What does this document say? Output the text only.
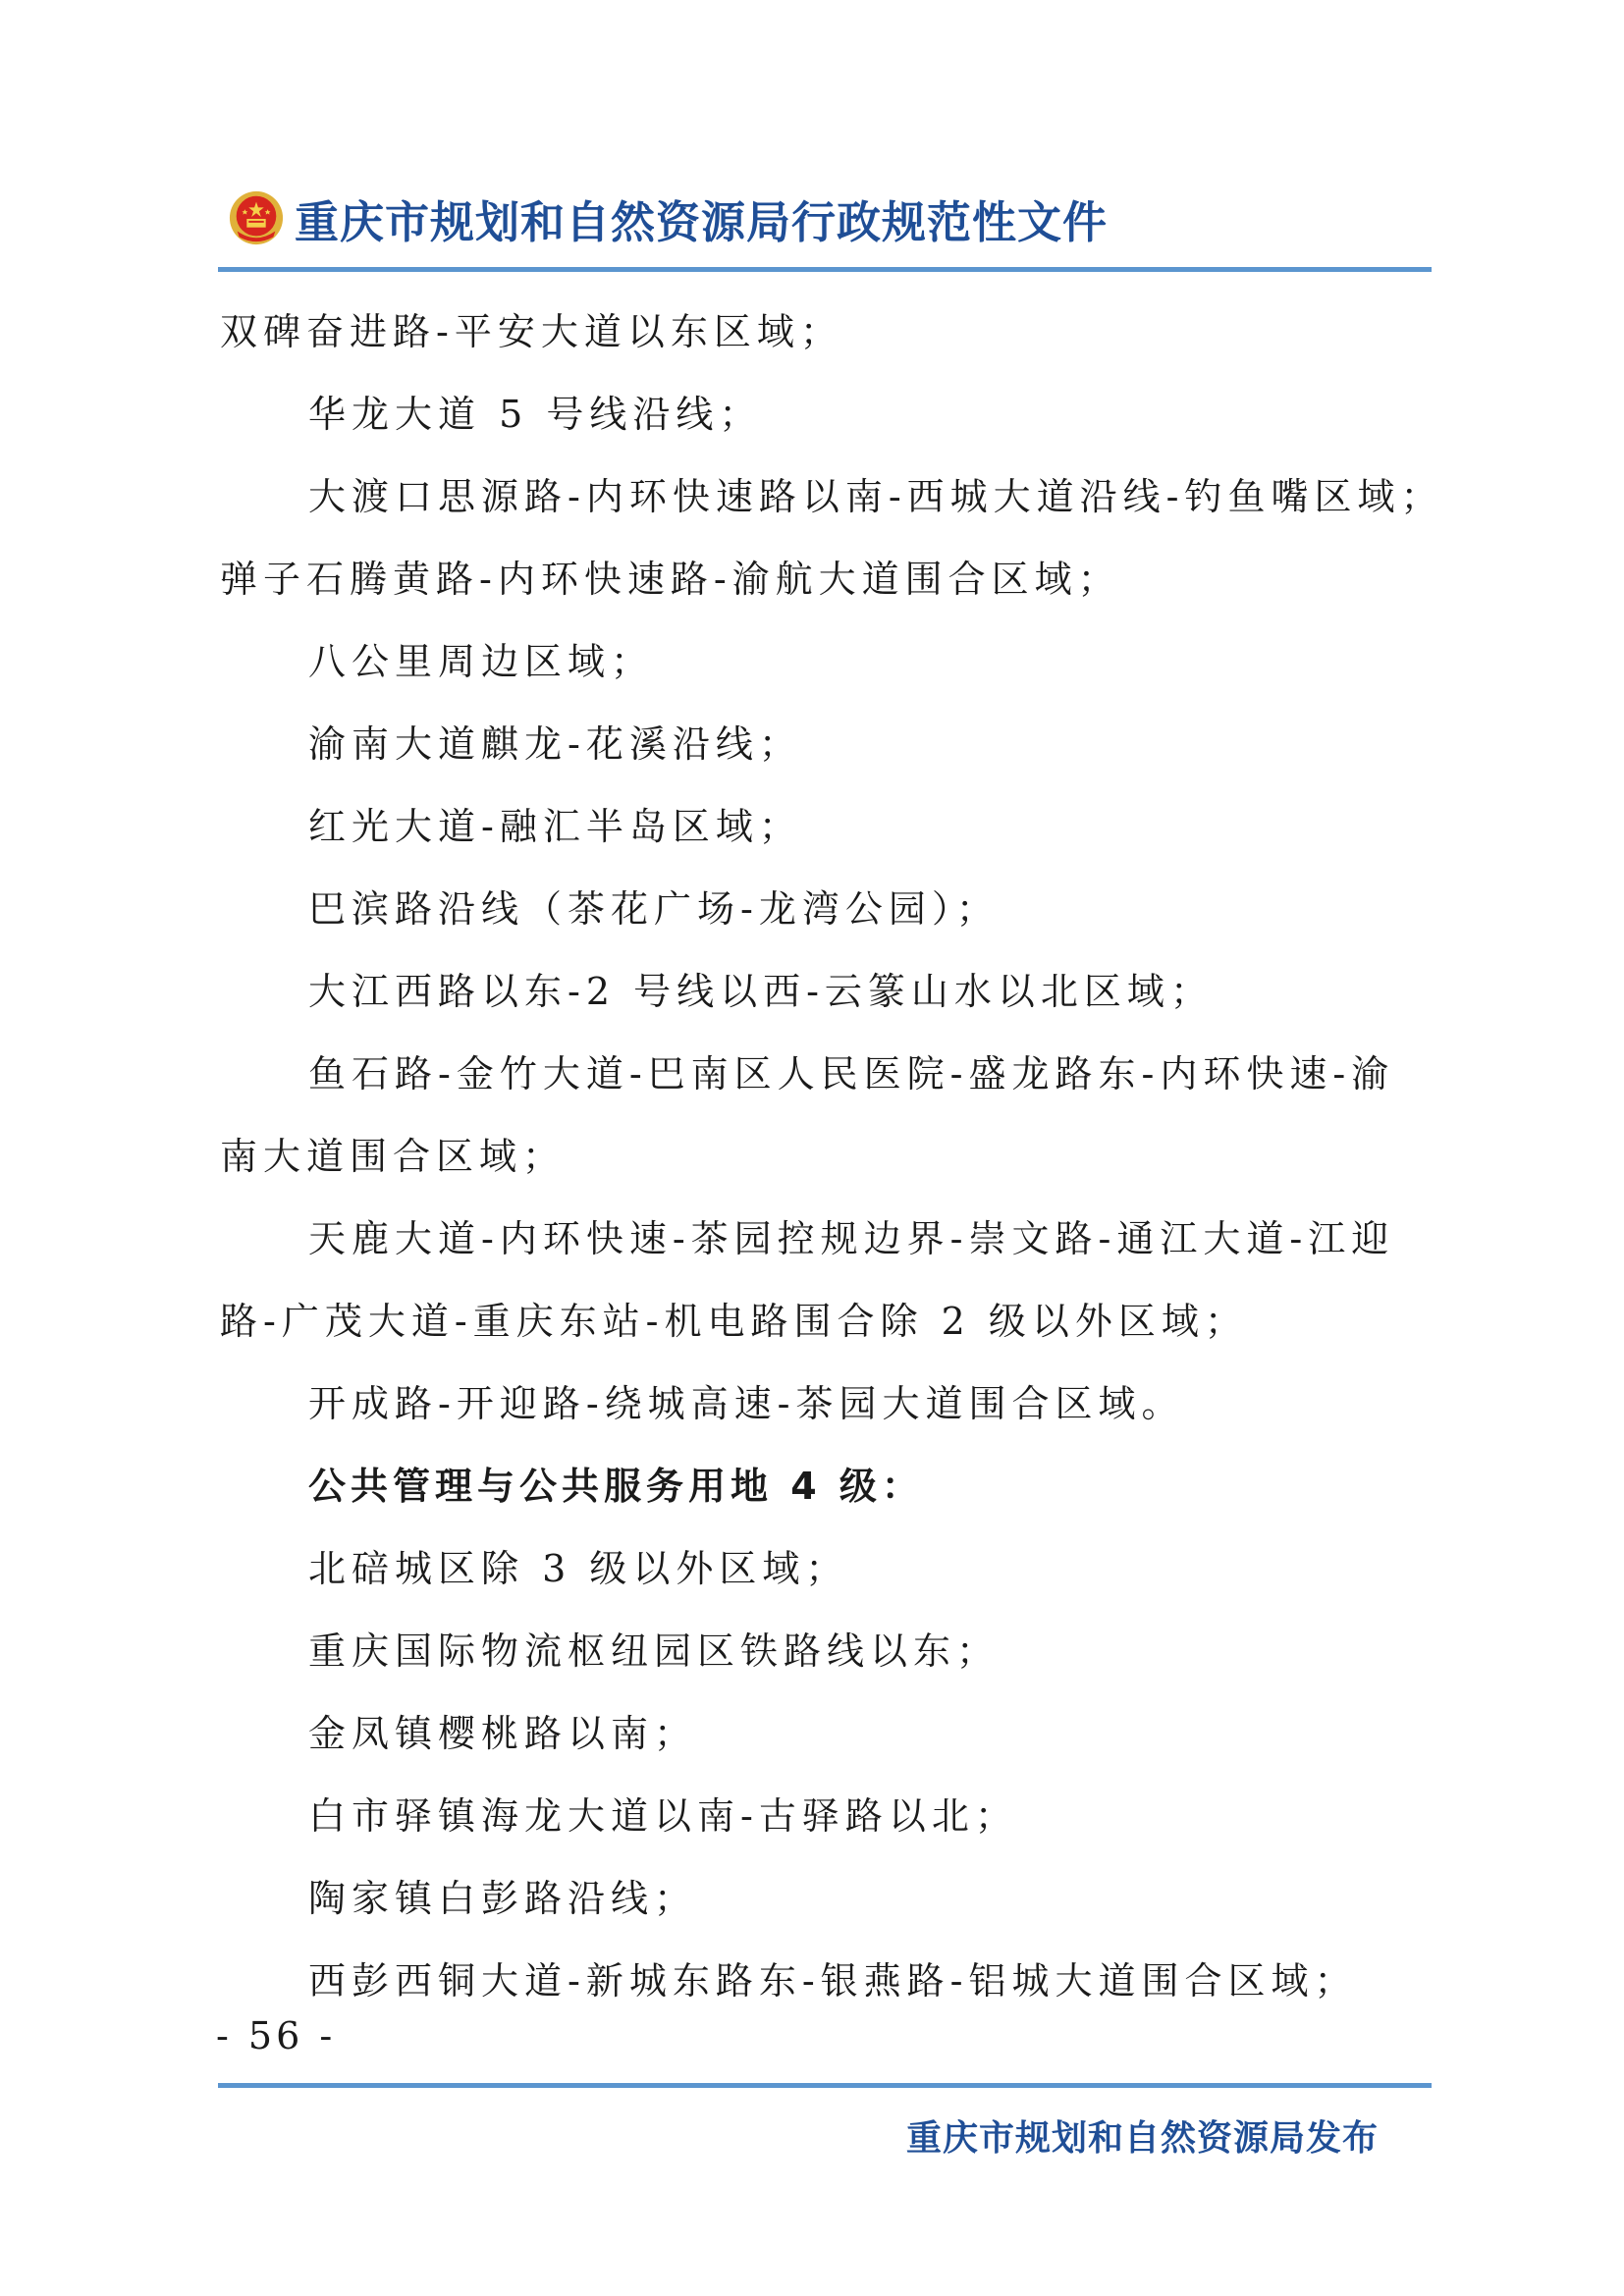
重庆市规划和自然资源局行政规范性文件
双碑奋进路-平安大道以东区域；
华龙大道 5 号线沿线；
大渡口思源路-内环快速路以南-西城大道沿线-钓鱼嘴区域；
弹子石腾黄路-内环快速路-渝航大道围合区域；
八公里周边区域；
渝南大道麒龙-花溪沿线；
红光大道-融汇半岛区域；
巴滨路沿线（茶花广场-龙湾公园）；
大江西路以东-2 号线以西-云篆山水以北区域；
鱼石路-金竹大道-巴南区人民医院-盛龙路东-内环快速-渝
南大道围合区域；
天鹿大道-内环快速-茶园控规边界-崇文路-通江大道-江迎
路-广茂大道-重庆东站-机电路围合除 2 级以外区域；
开成路-开迎路-绕城高速-茶园大道围合区域。
公共管理与公共服务用地 4 级：
北碚城区除 3 级以外区域；
重庆国际物流枢纽园区铁路线以东；
金凤镇樱桃路以南；
白市驿镇海龙大道以南-古驿路以北；
陶家镇白彭路沿线；
西彭西铜大道-新城东路东-银燕路-铝城大道围合区域；
- 56 -
重庆市规划和自然资源局发布
